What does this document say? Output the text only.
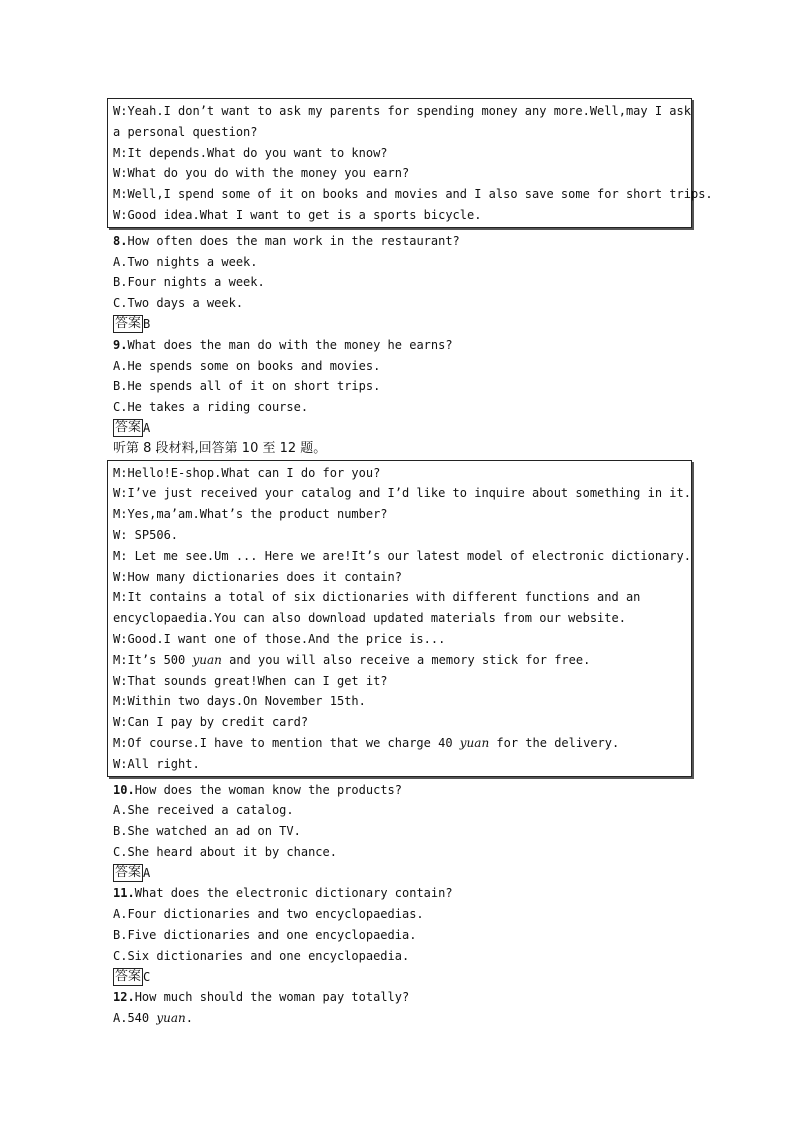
W:Yeah.I don’t want to ask my parents for spending money any more.Well,may I ask
a personal question?
M:It depends.What do you want to know?
W:What do you do with the money you earn?
M:Well,I spend some of it on books and movies and I also save some for short trips.
W:Good idea.What I want to get is a sports bicycle.
8.How often does the man work in the restaurant?
A.Two nights a week.
B.Four nights a week.
C.Two days a week.
答案 B
9.What does the man do with the money he earns?
A.He spends some on books and movies.
B.He spends all of it on short trips.
C.He takes a riding course.
答案 A
听第 8 段材料,回答第 10 至 12 题。
M:Hello!E-shop.What can I do for you?
W:I’ve just received your catalog and I’d like to inquire about something in it.
M:Yes,ma’am.What’s the product number?
W: SP506.
M: Let me see.Um ... Here we are!It’s our latest model of electronic dictionary.
W:How many dictionaries does it contain?
M:It contains a total of six dictionaries with different functions and an
encyclopaedia.You can also download updated materials from our website.
W:Good.I want one of those.And the price is...
M:It’s 500 yuan and you will also receive a memory stick for free.
W:That sounds great!When can I get it?
M:Within two days.On November 15th.
W:Can I pay by credit card?
M:Of course.I have to mention that we charge 40 yuan for the delivery.
W:All right.
10.How does the woman know the products?
A.She received a catalog.
B.She watched an ad on TV.
C.She heard about it by chance.
答案 A
11.What does the electronic dictionary contain?
A.Four dictionaries and two encyclopaedias.
B.Five dictionaries and one encyclopaedia.
C.Six dictionaries and one encyclopaedia.
答案 C
12.How much should the woman pay totally?
A.540 yuan.
